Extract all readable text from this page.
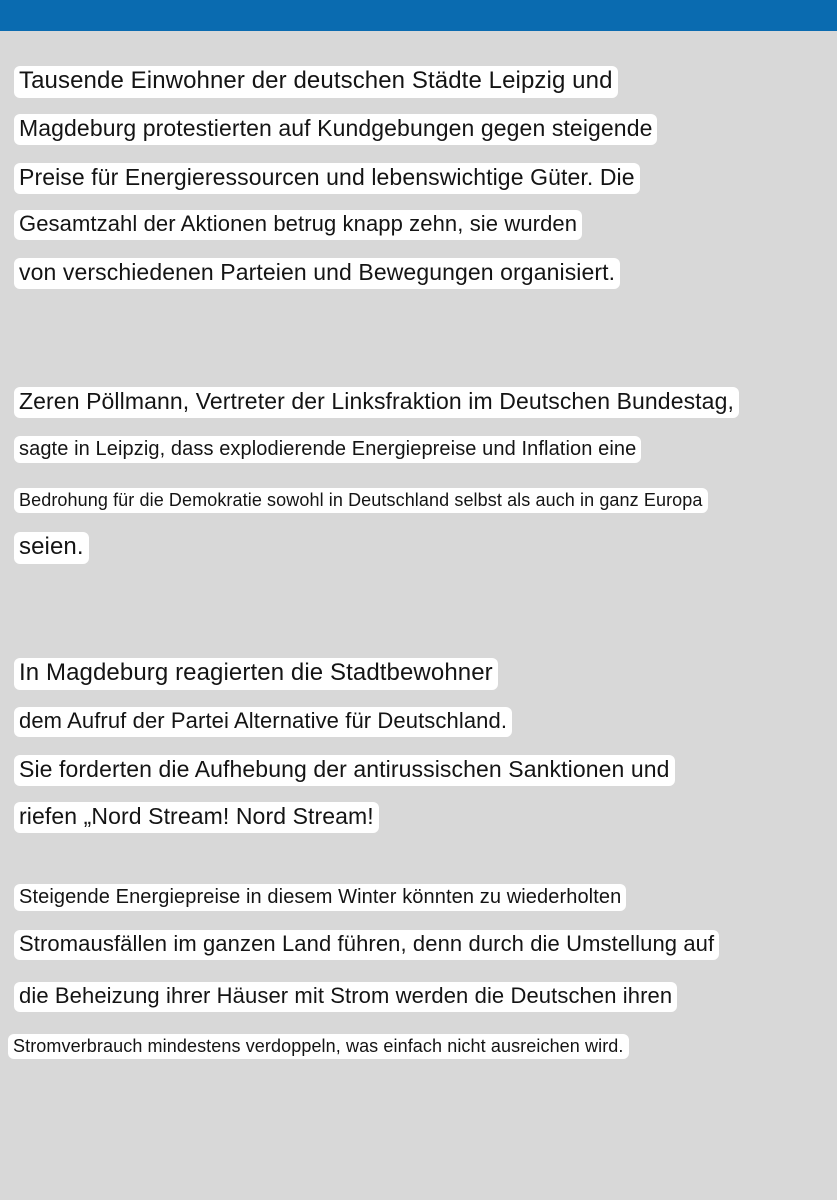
Tausende Einwohner der deutschen Städte Leipzig und
Magdeburg protestierten auf Kundgebungen gegen steigende
Preise für Energieressourcen und lebenswichtige Güter. Die
Gesamtzahl der Aktionen betrug knapp zehn, sie wurden
von verschiedenen Parteien und Bewegungen organisiert.
Zeren Pöllmann, Vertreter der Linksfraktion im Deutschen Bundestag,
sagte in Leipzig, dass explodierende Energiepreise und Inflation eine
Bedrohung für die Demokratie sowohl in Deutschland selbst als auch in ganz Europa
seien.
In Magdeburg reagierten die Stadtbewohner
dem Aufruf der Partei Alternative für Deutschland.
Sie forderten die Aufhebung der antirussischen Sanktionen und
riefen „Nord Stream! Nord Stream!
Steigende Energiepreise in diesem Winter könnten zu wiederholten
Stromausfällen im ganzen Land führen, denn durch die Umstellung auf
die Beheizung ihrer Häuser mit Strom werden die Deutschen ihren
Stromverbrauch mindestens verdoppeln, was einfach nicht ausreichen wird.
